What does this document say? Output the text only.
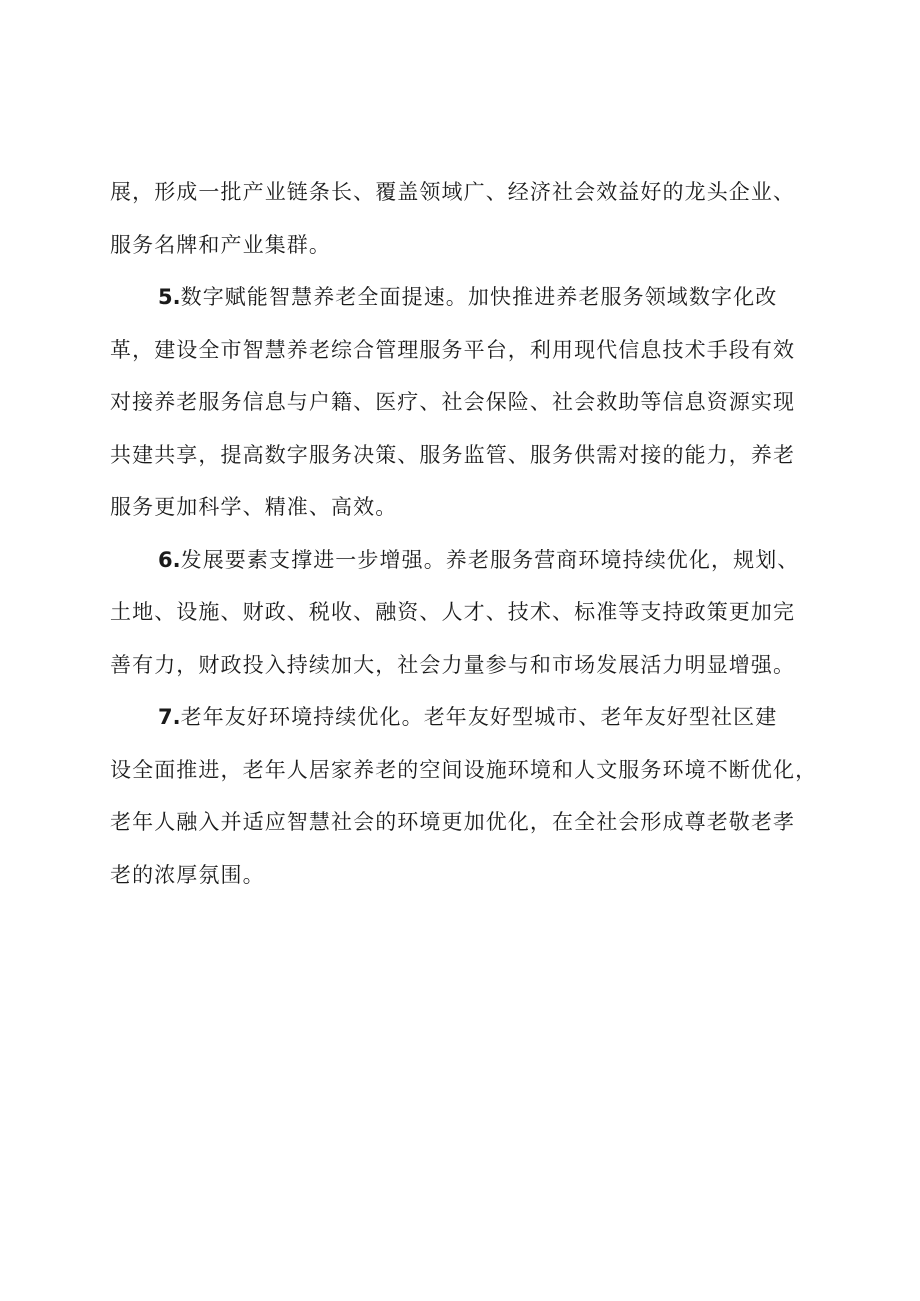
展，形成一批产业链条长、覆盖领域广、经济社会效益好的龙头企业、
服务名牌和产业集群。
5.数字赋能智慧养老全面提速。加快推进养老服务领域数字化改
革，建设全市智慧养老综合管理服务平台，利用现代信息技术手段有效
对接养老服务信息与户籍、医疗、社会保险、社会救助等信息资源实现
共建共享，提高数字服务决策、服务监管、服务供需对接的能力，养老
服务更加科学、精准、高效。
6.发展要素支撑进一步增强。养老服务营商环境持续优化，规划、
土地、设施、财政、税收、融资、人才、技术、标准等支持政策更加完
善有力，财政投入持续加大，社会力量参与和市场发展活力明显增强。
7.老年友好环境持续优化。老年友好型城市、老年友好型社区建
设全面推进，老年人居家养老的空间设施环境和人文服务环境不断优化，
老年人融入并适应智慧社会的环境更加优化，在全社会形成尊老敬老孝
老的浓厚氛围。
